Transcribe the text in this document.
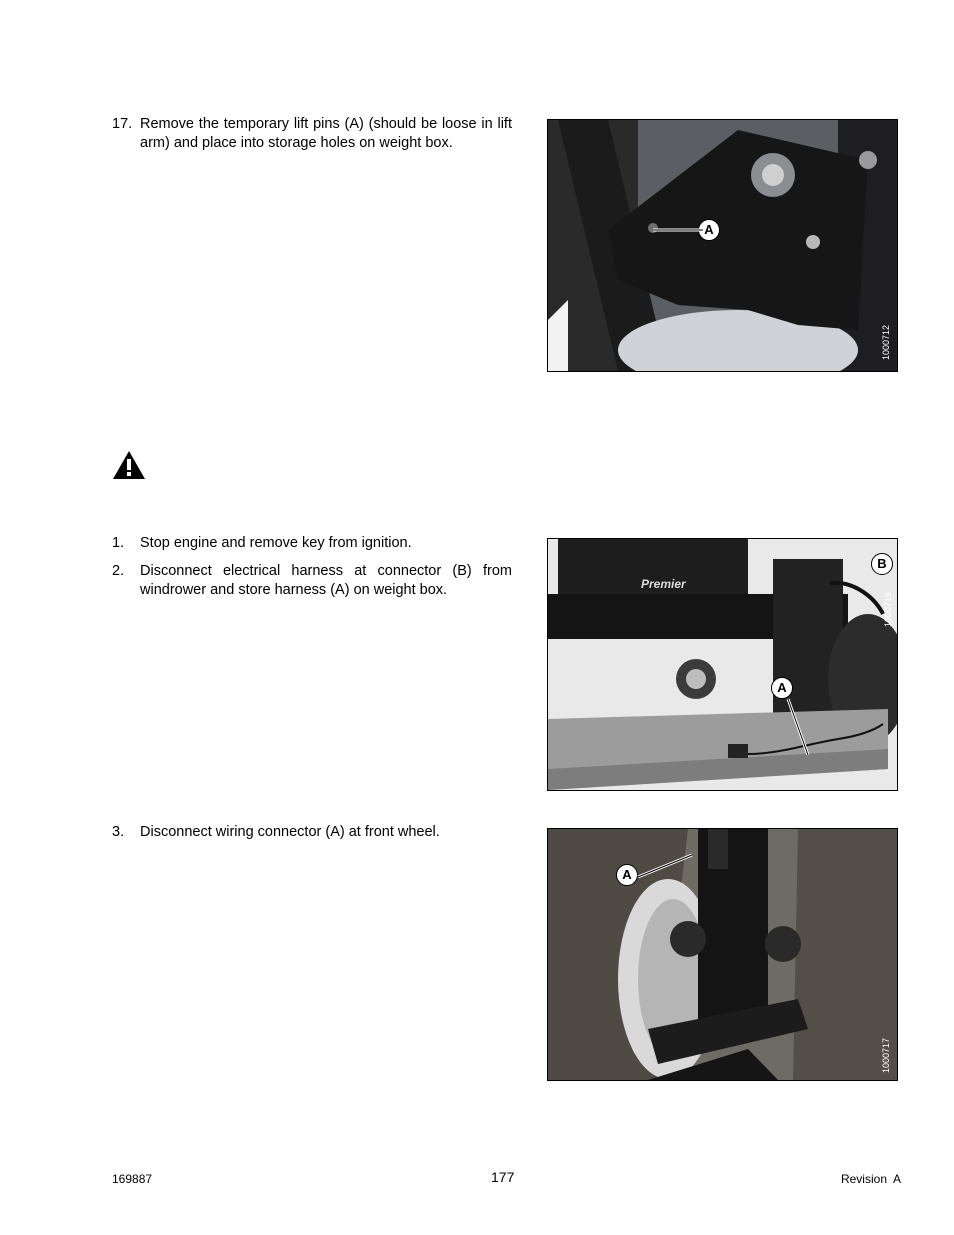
17. Remove the temporary lift pins (A) (should be loose in lift arm) and place into storage holes on weight box.
A
1000712
1. Stop engine and remove key from ignition.
2. Disconnect electrical harness at connector (B) from windrower and store harness (A) on weight box.	Premier
B
A
1000719
3. Disconnect wiring connector (A) at front wheel.
A
1000717
169887	177	Revision  A
